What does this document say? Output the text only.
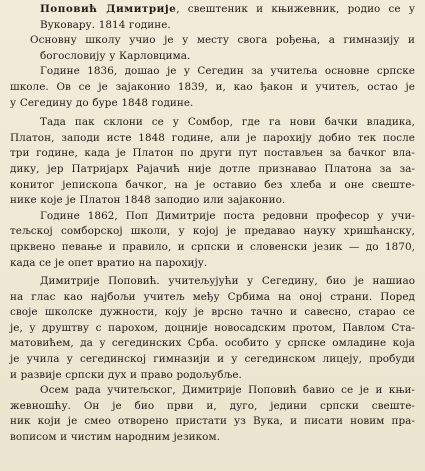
Поповић Димитрије, свештеник и књижевник, родио се у
Вуковару. 1814 године.
Основну школу учио је у месту свога рођења, а гимназију и
богословију у Карловцима.

Године 1836, дошао је у Сегедин за учитеља основне српске
школе. Ов се је зајаконио 1839, и, као ђакон и учитељ, остао је
у Сегедину до буре 1848 године.

Тада пак склони се у Сомбор, где га нови бачки владика,
Платон, заподи исте 1848 године, али је парохију добио тек после
три године, када је Платон по други пут постављен за бачког вла-
дику, јер Патријарх Рајачић није дотле признавао Платона за за-
конитог јепископа бачког, на је оставио без хлеба и оне свеште-
нике које је Платон 1848 заподио или зајаконио.

Године 1862, Поп Димитрије поста редовни професор у учи-
тељској сомборској школи, у којој је предавао науку хришћанску,
црквено певање и правило, и српски и словенски језик — до 1870,
када се је опет вратио на парохију.

Димитрије Поповић. учитељујући у Сегедину, био је нашиао
на глас као најбољи учитељ међу Србима на оној страни. Поред
своје школске дужности, коју је врсно тачно и савесно, старао се
је, у друштву с парохом, доцније новосадским протом, Павлом Ста-
матовићем, да у сегединских Срба. особито у српске омладине која
је учила у сегединској гимназији и у сегединском лицеју, пробуди
и развије српски дух и право родољубље.

Осем рада учитељског, Димитрије Поповић бавио се је и књи-
жевношћу. Он је био први и, дуго, једини српски свеште-
ник који је смео отворено пристати уз Вука, и писати новим пра-
вописом и чистим народним језиком.
